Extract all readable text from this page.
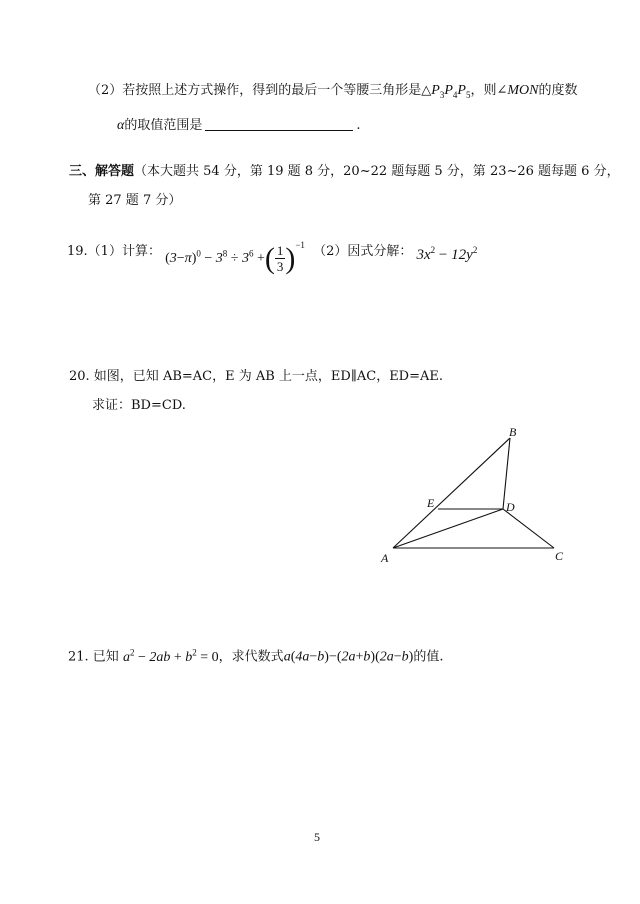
（2）若按照上述方式操作，得到的最后一个等腰三角形是$\triangle P_3P_4P_5$，则∠MON的度数
α的取值范围是	.
三、解答题（本大题共 54 分，第 19 题 8 分，20~22 题每题 5 分，第 23~26 题每题 6 分，
第 27 题 7 分）
19.（1）计算： $(3-\pi)^0 - 3^8 \div 3^6$ +( $\frac{1}{3} )^{-1}$ （2）因式分解： $3x^2 - 12y^2$
20. 如图，已知 AB=AC，E 为 AB 上一点，ED∥AC，ED=AE.
求证：BD=CD.
B
E	D
A	C
21. 已知 $a^2 - 2ab + b^2 = 0$，求代数式a(4a−b)−(2a+b)(2a−b)的值.
5
